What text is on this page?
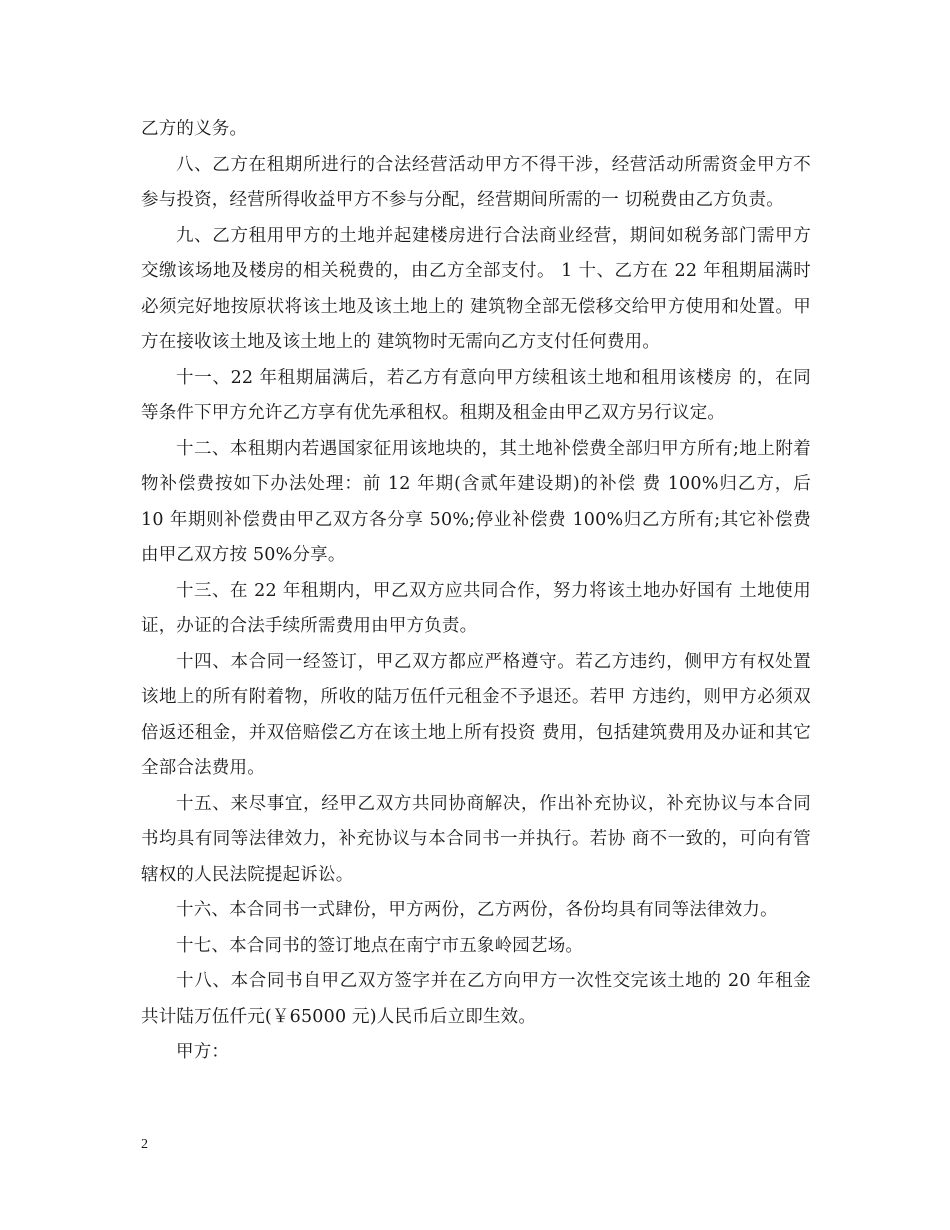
乙方的义务。

八、乙方在租期所进行的合法经营活动甲方不得干涉，经营活动所需资金甲方不参与投资，经营所得收益甲方不参与分配，经营期间所需的一 切税费由乙方负责。

九、乙方租用甲方的土地并起建楼房进行合法商业经营，期间如税务部门需甲方交缴该场地及楼房的相关税费的，由乙方全部支付。 1 十、乙方在 22 年租期届满时必须完好地按原状将该土地及该土地上的 建筑物全部无偿移交给甲方使用和处置。甲方在接收该土地及该土地上的 建筑物时无需向乙方支付任何费用。

十一、22 年租期届满后，若乙方有意向甲方续租该土地和租用该楼房 的，在同等条件下甲方允许乙方享有优先承租权。租期及租金由甲乙双方另行议定。

十二、本租期内若遇国家征用该地块的，其土地补偿费全部归甲方所有;地上附着物补偿费按如下办法处理：前 12 年期(含贰年建设期)的补偿 费 100%归乙方，后 10 年期则补偿费由甲乙双方各分享 50%;停业补偿费 100%归乙方所有;其它补偿费由甲乙双方按 50%分享。

十三、在 22 年租期内，甲乙双方应共同合作，努力将该土地办好国有 土地使用证，办证的合法手续所需费用由甲方负责。

十四、本合同一经签订，甲乙双方都应严格遵守。若乙方违约，侧甲方有权处置该地上的所有附着物，所收的陆万伍仟元租金不予退还。若甲 方违约，则甲方必须双倍返还租金，并双倍赔偿乙方在该土地上所有投资 费用，包括建筑费用及办证和其它全部合法费用。

十五、来尽事宜，经甲乙双方共同协商解决，作出补充协议，补充协议与本合同书均具有同等法律效力，补充协议与本合同书一并执行。若协 商不一致的，可向有管辖权的人民法院提起诉讼。

十六、本合同书一式肆份，甲方两份，乙方两份，各份均具有同等法律效力。

十七、本合同书的签订地点在南宁市五象岭园艺场。

十八、本合同书自甲乙双方签字并在乙方向甲方一次性交完该土地的 20 年租金共计陆万伍仟元(￥65000 元)人民币后立即生效。

甲方：

2
